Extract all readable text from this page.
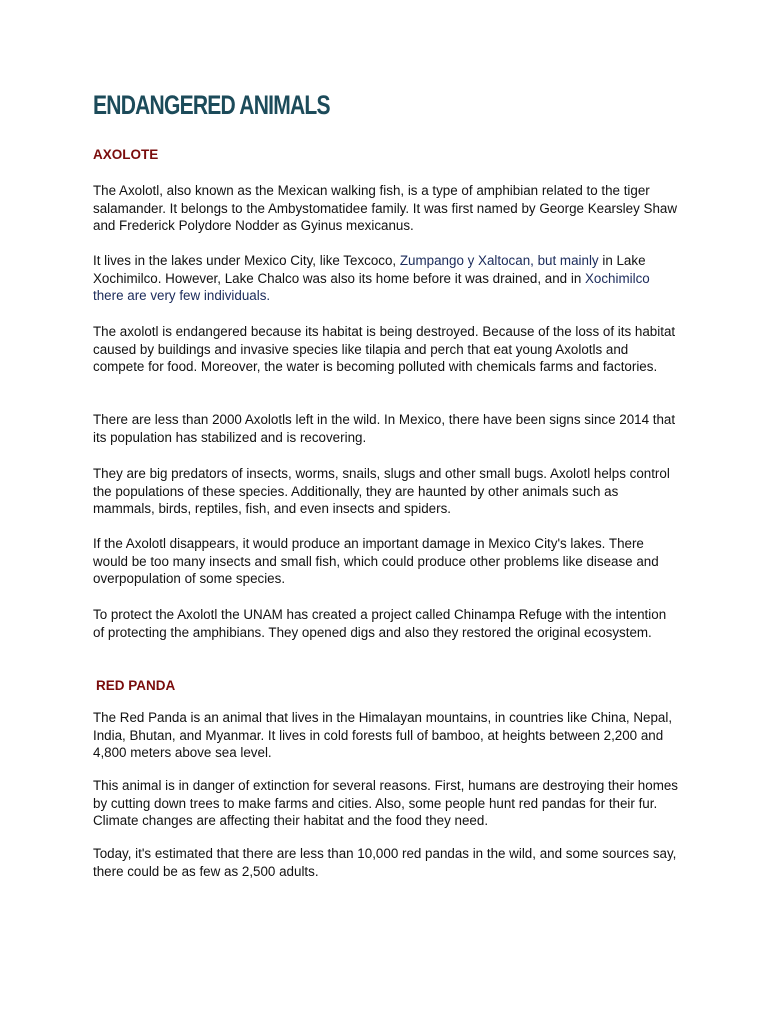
ENDANGERED ANIMALS
AXOLOTE

The Axolotl, also known as the Mexican walking fish, is a type of amphibian related to the tiger salamander. It belongs to the Ambystomatidee family. It was first named by George Kearsley Shaw and Frederick Polydore Nodder as Gyinus mexicanus.

It lives in the lakes under Mexico City, like Texcoco, Zumpango y Xaltocan, but mainly in Lake Xochimilco. However, Lake Chalco was also its home before it was drained, and in Xochimilco there are very few individuals.

The axolotl is endangered because its habitat is being destroyed. Because of the loss of its habitat caused by buildings and invasive species like tilapia and perch that eat young Axolotls and compete for food. Moreover, the water is becoming polluted with chemicals farms and factories.

There are less than 2000 Axolotls left in the wild. In Mexico, there have been signs since 2014 that its population has stabilized and is recovering.

They are big predators of insects, worms, snails, slugs and other small bugs. Axolotl helps control the populations of these species. Additionally, they are haunted by other animals such as mammals, birds, reptiles, fish, and even insects and spiders.

If the Axolotl disappears, it would produce an important damage in Mexico City's lakes. There would be too many insects and small fish, which could produce other problems like disease and overpopulation of some species.

To protect the Axolotl the UNAM has created a project called Chinampa Refuge with the intention of protecting the amphibians. They opened digs and also they restored the original ecosystem.

RED PANDA

The Red Panda is an animal that lives in the Himalayan mountains, in countries like China, Nepal, India, Bhutan, and Myanmar. It lives in cold forests full of bamboo, at heights between 2,200 and 4,800 meters above sea level.

This animal is in danger of extinction for several reasons. First, humans are destroying their homes by cutting down trees to make farms and cities. Also, some people hunt red pandas for their fur. Climate changes are affecting their habitat and the food they need.

Today, it's estimated that there are less than 10,000 red pandas in the wild, and some sources say, there could be as few as 2,500 adults.
